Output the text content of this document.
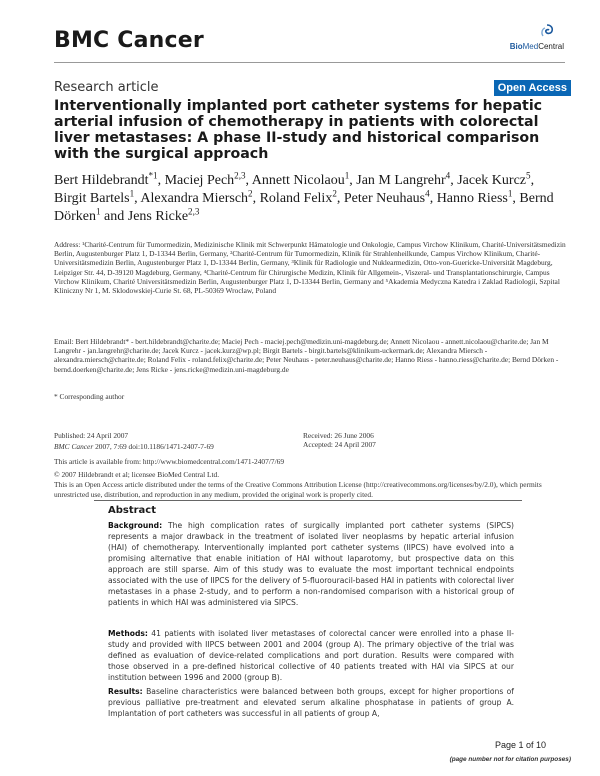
BMC Cancer	BioMedCentral
Research article	Open Access
Interventionally implanted port catheter systems for hepatic arterial infusion of chemotherapy in patients with colorectal liver metastases: A phase II-study and historical comparison with the surgical approach
Bert Hildebrandt$^{*1}$, Maciej Pech$^{2,3}$, Annett Nicolaou$^1$, Jan M Langrehr$^4$, Jacek Kurcz$^5$, Birgit Bartels$^1$, Alexandra Miersch$^2$, Roland Felix$^2$, Peter Neuhaus$^4$, Hanno Riess$^1$, Bernd Dörken$^1$ and Jens Ricke$^{2,3}$
Address: ¹Charité-Centrum für Tumormedizin, Medizinische Klinik mit Schwerpunkt Hämatologie und Onkologie, Campus Virchow Klinikum, Charité-Universitätsmedizin Berlin, Augustenburger Platz 1, D-13344 Berlin, Germany, ²Charité-Centrum für Tumormedizin, Klinik für Strahlenheilkunde, Campus Virchow Klinikum, Charité-Universitätsmedizin Berlin, Augustenburger Platz 1, D-13344 Berlin, Germany, ³Klinik für Radiologie und Nuklearmedizin, Otto-von-Guericke-Universität Magdeburg, Leipziger Str. 44, D-39120 Magdeburg, Germany, ⁴Charité-Centrum für Chirurgische Medizin, Klinik für Allgemein-, Viszeral- und Transplantationschirurgie, Campus Virchow Klinikum, Charité Universitätsmedizin Berlin, Augustenburger Platz 1, D-13344 Berlin, Germany and ⁵Akademia Medyczna Katedra i Zaklad Radiologii, Szpital Kliniczny Nr 1, M. Sklodowskiej-Curie St. 68, PL-50369 Wroclaw, Poland
Email: Bert Hildebrandt* - bert.hildebrandt@charite.de; Maciej Pech - maciej.pech@medizin.uni-magdeburg.de; Annett Nicolaou - annett.nicolaou@charite.de; Jan M Langrehr - jan.langrehr@charite.de; Jacek Kurcz - jacek.kurz@wp.pl; Birgit Bartels - birgit.bartels@klinikum-uckermark.de; Alexandra Miersch - alexandra.miersch@charite.de; Roland Felix - roland.felix@charite.de; Peter Neuhaus - peter.neuhaus@charite.de; Hanno Riess - hanno.riess@charite.de; Bernd Dörken - bernd.doerken@charite.de; Jens Ricke - jens.ricke@medizin.uni-magdeburg.de
* Corresponding author
Published: 24 April 2007
BMC Cancer 2007, 7:69 doi:10.1186/1471-2407-7-69
Received: 26 June 2006
Accepted: 24 April 2007
This article is available from: http://www.biomedcentral.com/1471-2407/7/69
© 2007 Hildebrandt et al; licensee BioMed Central Ltd.
This is an Open Access article distributed under the terms of the Creative Commons Attribution License (http://creativecommons.org/licenses/by/2.0), which permits unrestricted use, distribution, and reproduction in any medium, provided the original work is properly cited.
Abstract
Background: The high complication rates of surgically implanted port catheter systems (SIPCS) represents a major drawback in the treatment of isolated liver neoplasms by hepatic arterial infusion (HAI) of chemotherapy. Interventionally implanted port catheter systems (IIPCS) have evolved into a promising alternative that enable initiation of HAI without laparotomy, but prospective data on this approach are still sparse. Aim of this study was to evaluate the most important technical endpoints associated with the use of IIPCS for the delivery of 5-fluorouracil-based HAI in patients with colorectal liver metastases in a phase 2-study, and to perform a non-randomised comparison with a historical group of patients in which HAI was administered via SIPCS.
Methods: 41 patients with isolated liver metastases of colorectal cancer were enrolled into a phase II-study and provided with IIPCS between 2001 and 2004 (group A). The primary objective of the trial was defined as evaluation of device-related complications and port duration. Results were compared with those observed in a pre-defined historical collective of 40 patients treated with HAI via SIPCS at our institution between 1996 and 2000 (group B).
Results: Baseline characteristics were balanced between both groups, except for higher proportions of previous palliative pre-treatment and elevated serum alkaline phosphatase in patients of group A. Implantation of port catheters was successful in all patients of group A,
Page 1 of 10
(page number not for citation purposes)
